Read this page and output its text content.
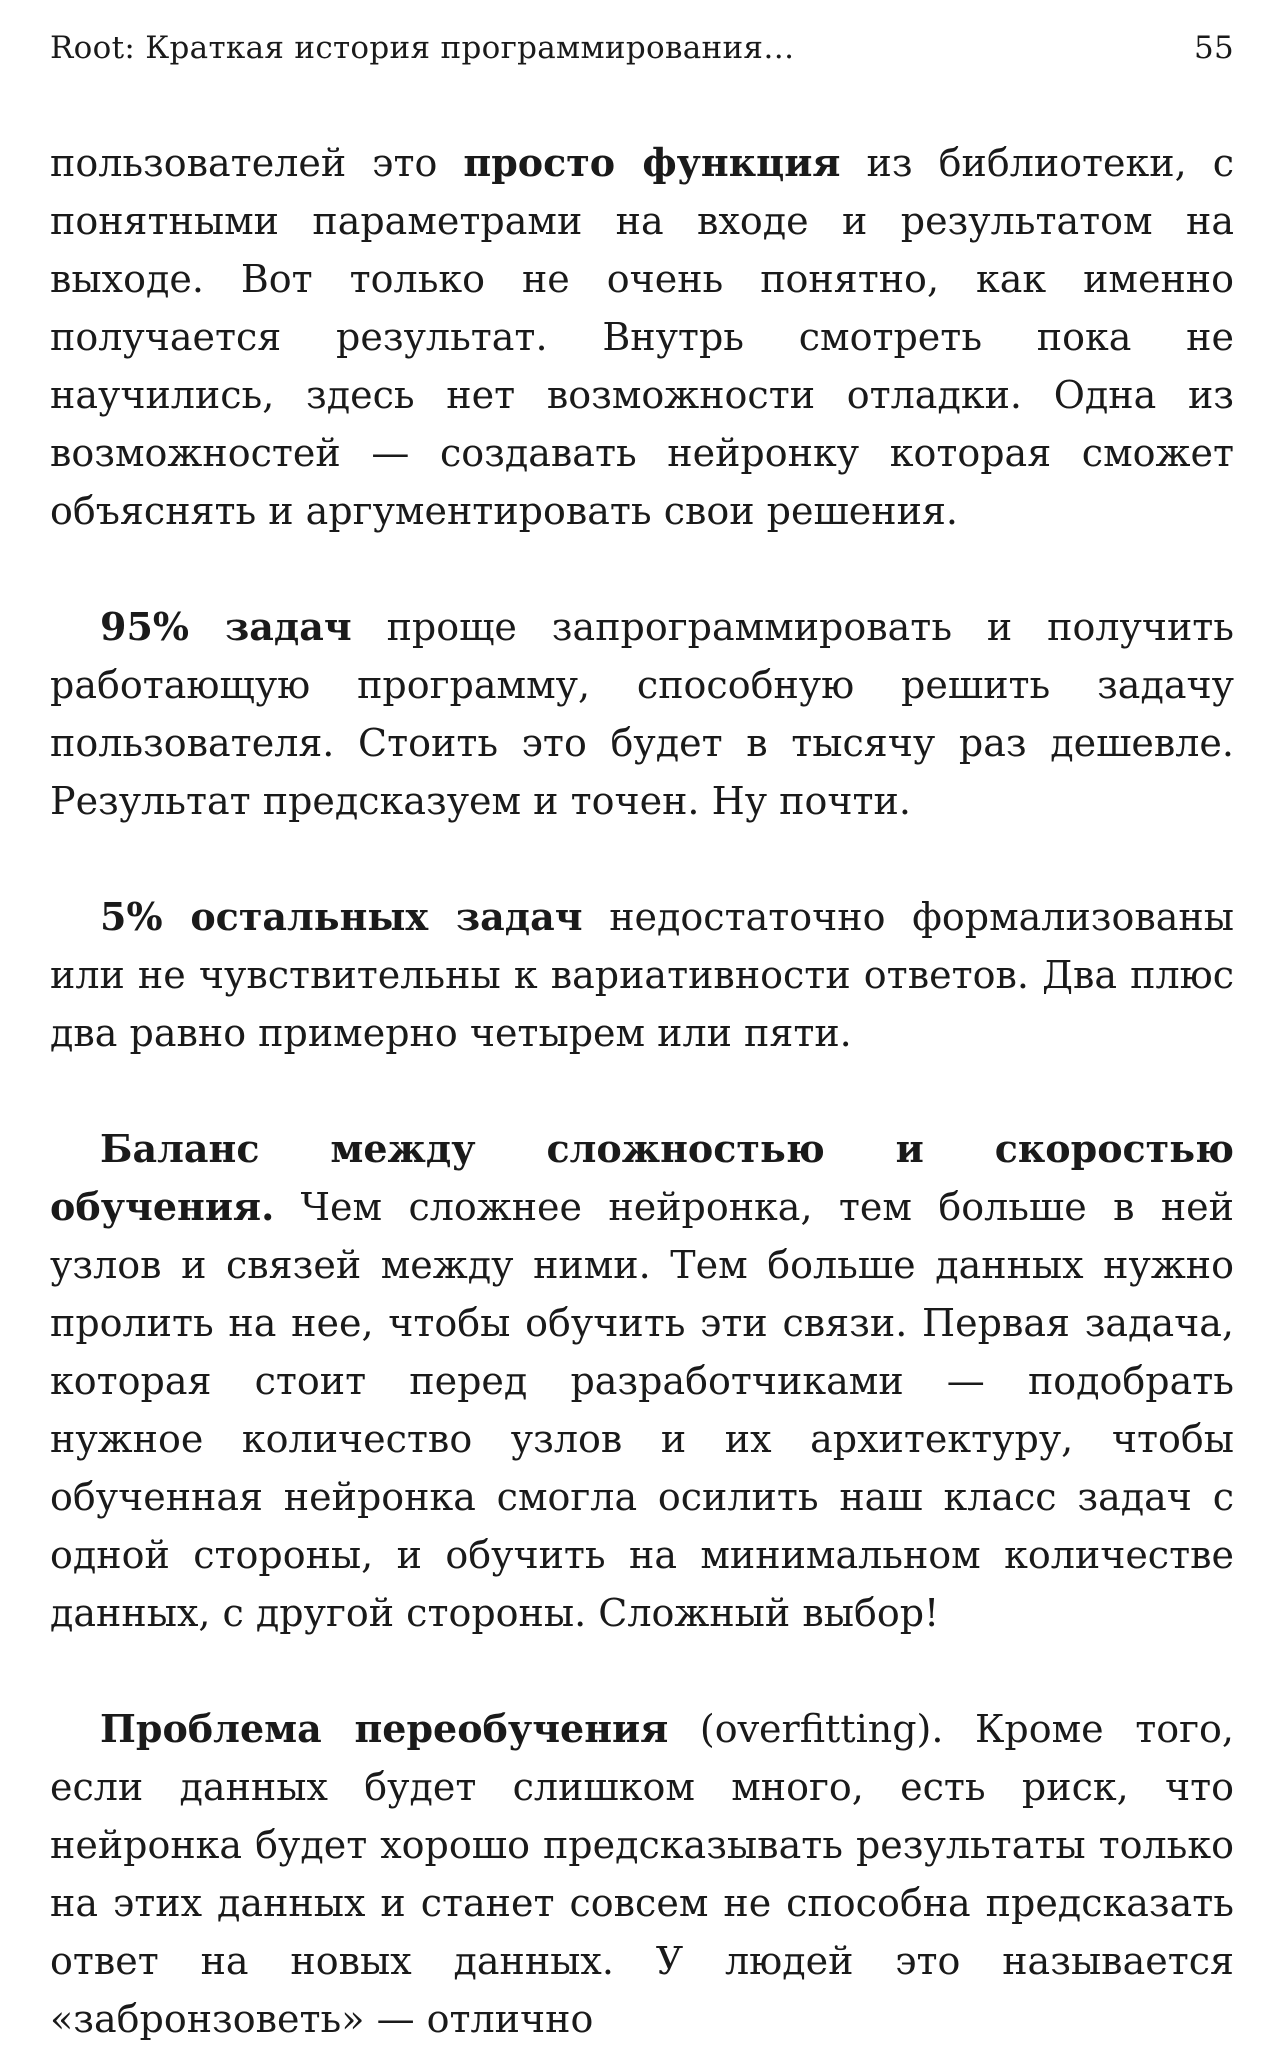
Root: Краткая история программирования…	55

пользователей это просто функция из библиотеки, с понятными параметрами на входе и результатом на выходе. Вот только не очень понятно, как именно получается результат. Внутрь смотреть пока не научились, здесь нет возможности отладки. Одна из возможностей — создавать нейронку которая сможет объяснять и аргументировать свои решения.

95% задач проще запрограммировать и получить работающую программу, способную решить задачу пользователя. Стоить это будет в тысячу раз дешевле. Результат предсказуем и точен. Ну почти.

5% остальных задач недостаточно формализованы или не чувствительны к вариативности ответов. Два плюс два равно примерно четырем или пяти.

Баланс между сложностью и скоростью обучения. Чем сложнее нейронка, тем больше в ней узлов и связей между ними. Тем больше данных нужно пролить на нее, чтобы обучить эти связи. Первая задача, которая стоит перед разработчиками — подобрать нужное количество узлов и их архитектуру, чтобы обученная нейронка смогла осилить наш класс задач с одной стороны, и обучить на минимальном количестве данных, с другой стороны. Сложный выбор!

Проблема переобучения (overfitting). Кроме того, если данных будет слишком много, есть риск, что нейронка будет хорошо предсказывать результаты только на этих данных и станет совсем не способна предсказать ответ на новых данных. У людей это называется «забронзоветь» — отлично
